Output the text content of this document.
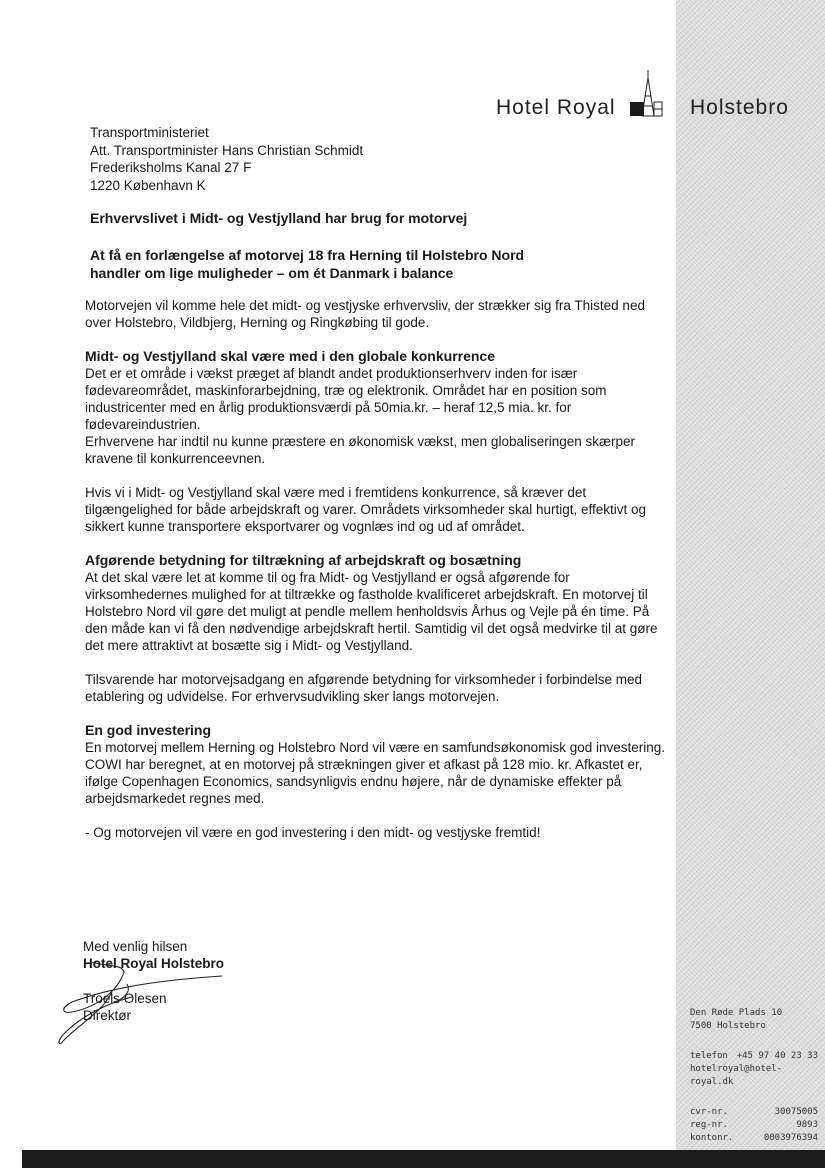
Hotel Royal	Holstebro
Transportministeriet
Att. Transportminister Hans Christian Schmidt
Frederiksholms Kanal 27 F
1220 København K
Erhvervslivet i Midt- og Vestjylland har brug for motorvej
At få en forlængelse af motorvej 18 fra Herning til Holstebro Nord handler om lige muligheder – om ét Danmark i balance

Motorvejen vil komme hele det midt- og vestjyske erhvervsliv, der strækker sig fra Thisted ned over Holstebro, Vildbjerg, Herning og Ringkøbing til gode.

Midt- og Vestjylland skal være med i den globale konkurrence
Det er et område i vækst præget af blandt andet produktionserhverv inden for især fødevareområdet, maskinforarbejdning, træ og elektronik. Området har en position som industricenter med en årlig produktionsværdi på 50mia.kr. – heraf 12,5 mia. kr. for fødevareindustrien.
Erhvervene har indtil nu kunne præstere en økonomisk vækst, men globaliseringen skærper kravene til konkurrenceevnen.
Hvis vi i Midt- og Vestjylland skal være med i fremtidens konkurrence, så kræver det tilgængelighed for både arbejdskraft og varer. Områdets virksomheder skal hurtigt, effektivt og sikkert kunne transportere eksportvarer og vognlæs ind og ud af området.
Afgørende betydning for tiltrækning af arbejdskraft og bosætning
At det skal være let at komme til og fra Midt- og Vestjylland er også afgørende for virksomhedernes mulighed for at tiltrække og fastholde kvalificeret arbejdskraft. En motorvej til Holstebro Nord vil gøre det muligt at pendle mellem henholdsvis Århus og Vejle på én time. På den måde kan vi få den nødvendige arbejdskraft hertil. Samtidig vil det også medvirke til at gøre det mere attraktivt at bosætte sig i Midt- og Vestjylland.
Tilsvarende har motorvejsadgang en afgørende betydning for virksomheder i forbindelse med etablering og udvidelse. For erhvervsudvikling sker langs motorvejen.
En god investering
En motorvej mellem Herning og Holstebro Nord vil være en samfundsøkonomisk god investering. COWI har beregnet, at en motorvej på strækningen giver et afkast på 128 mio. kr. Afkastet er, ifølge Copenhagen Economics, sandsynligvis endnu højere, når de dynamiske effekter på arbejdsmarkedet regnes med.
- Og motorvejen vil være en god investering i den midt- og vestjyske fremtid!
Med venlig hilsen
Hotel Royal Holstebro
Troels Olesen
Direktør	Den Røde Plads 10
7500 Holstebro
telefon +45 97 40 23 33
hotelroyal@hotel-royal.dk
cvr-nr.	30075005
reg-nr.	9893
kontonr.	0003976394
